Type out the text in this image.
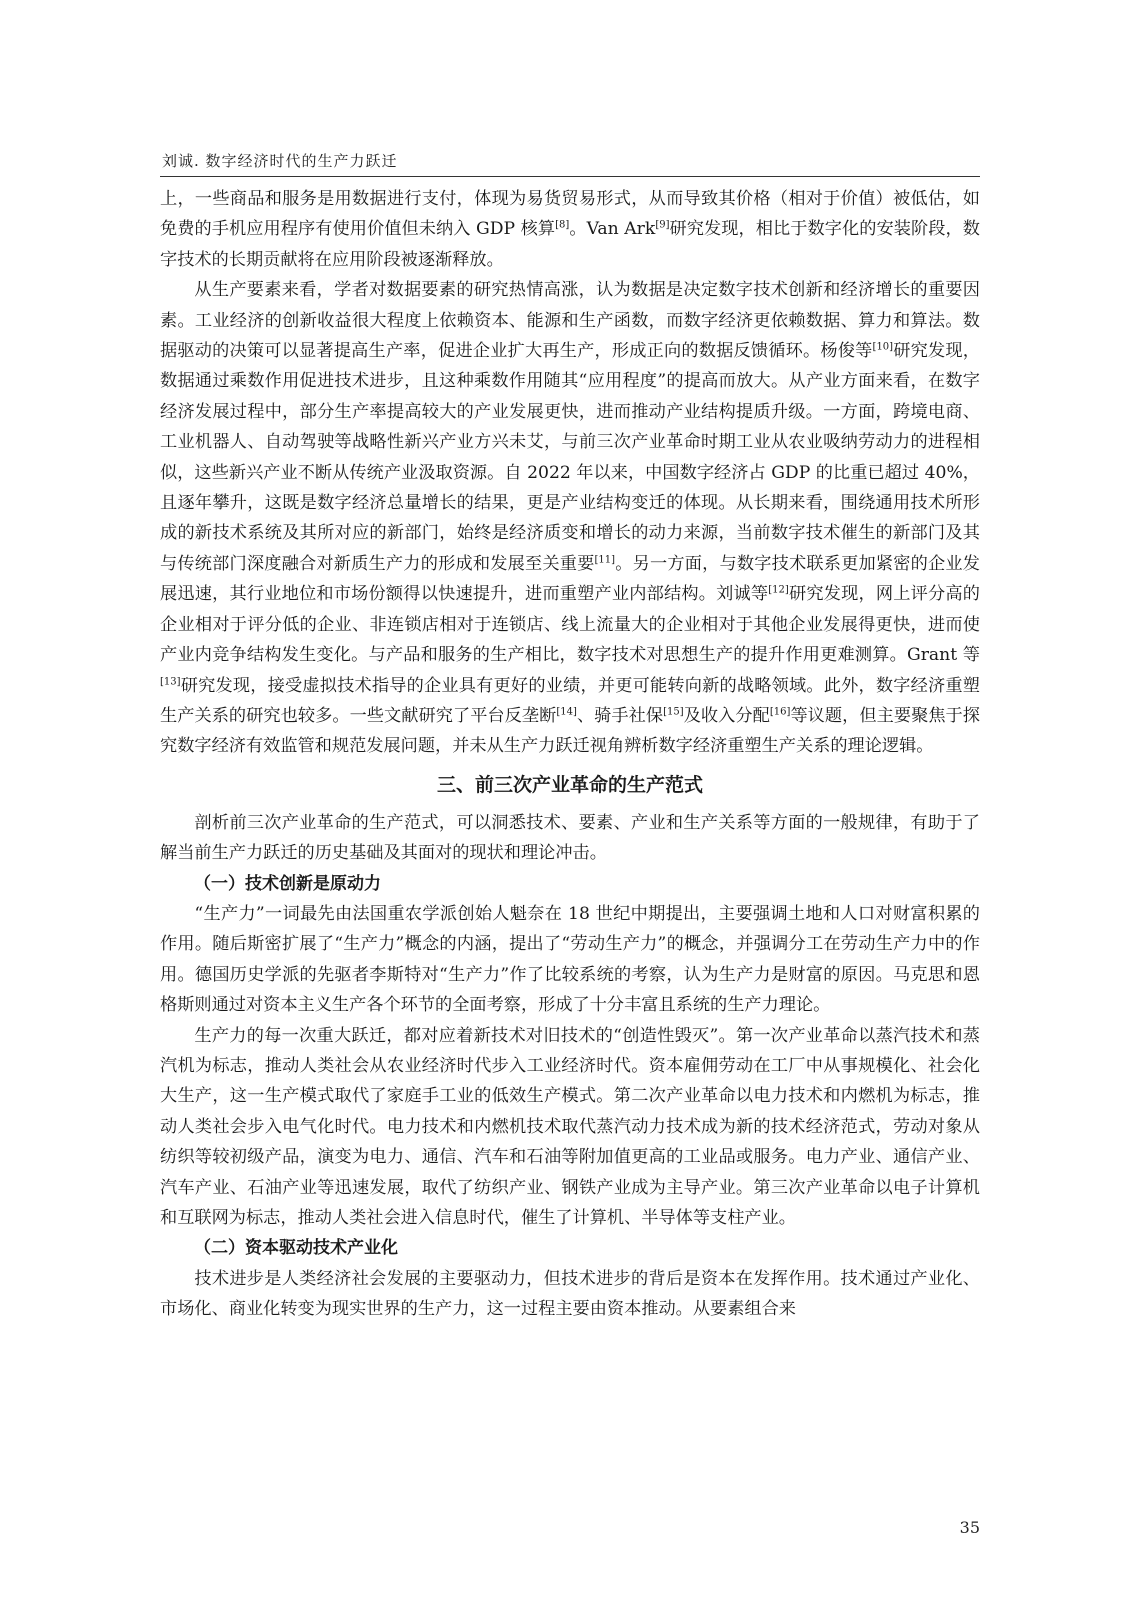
刘诚. 数字经济时代的生产力跃迁

上，一些商品和服务是用数据进行支付，体现为易货贸易形式，从而导致其价格（相对于价值）被低估，如免费的手机应用程序有使用价值但未纳入 GDP 核算[8]。Van Ark[9]研究发现，相比于数字化的安装阶段，数字技术的长期贡献将在应用阶段被逐渐释放。

从生产要素来看，学者对数据要素的研究热情高涨，认为数据是决定数字技术创新和经济增长的重要因素。工业经济的创新收益很大程度上依赖资本、能源和生产函数，而数字经济更依赖数据、算力和算法。数据驱动的决策可以显著提高生产率，促进企业扩大再生产，形成正向的数据反馈循环。杨俊等[10]研究发现，数据通过乘数作用促进技术进步，且这种乘数作用随其“应用程度”的提高而放大。从产业方面来看，在数字经济发展过程中，部分生产率提高较大的产业发展更快，进而推动产业结构提质升级。一方面，跨境电商、工业机器人、自动驾驶等战略性新兴产业方兴未艾，与前三次产业革命时期工业从农业吸纳劳动力的进程相似，这些新兴产业不断从传统产业汲取资源。自 2022 年以来，中国数字经济占 GDP 的比重已超过 40%，且逐年攀升，这既是数字经济总量增长的结果，更是产业结构变迁的体现。从长期来看，围绕通用技术所形成的新技术系统及其所对应的新部门，始终是经济质变和增长的动力来源，当前数字技术催生的新部门及其与传统部门深度融合对新质生产力的形成和发展至关重要[11]。另一方面，与数字技术联系更加紧密的企业发展迅速，其行业地位和市场份额得以快速提升，进而重塑产业内部结构。刘诚等[12]研究发现，网上评分高的企业相对于评分低的企业、非连锁店相对于连锁店、线上流量大的企业相对于其他企业发展得更快，进而使产业内竞争结构发生变化。与产品和服务的生产相比，数字技术对思想生产的提升作用更难测算。Grant 等[13]研究发现，接受虚拟技术指导的企业具有更好的业绩，并更可能转向新的战略领域。此外，数字经济重塑生产关系的研究也较多。一些文献研究了平台反垄断[14]、骑手社保[15]及收入分配[16]等议题，但主要聚焦于探究数字经济有效监管和规范发展问题，并未从生产力跃迁视角辨析数字经济重塑生产关系的理论逻辑。

三、前三次产业革命的生产范式

剖析前三次产业革命的生产范式，可以洞悉技术、要素、产业和生产关系等方面的一般规律，有助于了解当前生产力跃迁的历史基础及其面对的现状和理论冲击。

（一）技术创新是原动力

“生产力”一词最先由法国重农学派创始人魁奈在 18 世纪中期提出，主要强调土地和人口对财富积累的作用。随后斯密扩展了“生产力”概念的内涵，提出了“劳动生产力”的概念，并强调分工在劳动生产力中的作用。德国历史学派的先驱者李斯特对“生产力”作了比较系统的考察，认为生产力是财富的原因。马克思和恩格斯则通过对资本主义生产各个环节的全面考察，形成了十分丰富且系统的生产力理论。

生产力的每一次重大跃迁，都对应着新技术对旧技术的“创造性毁灭”。第一次产业革命以蒸汽技术和蒸汽机为标志，推动人类社会从农业经济时代步入工业经济时代。资本雇佣劳动在工厂中从事规模化、社会化大生产，这一生产模式取代了家庭手工业的低效生产模式。第二次产业革命以电力技术和内燃机为标志，推动人类社会步入电气化时代。电力技术和内燃机技术取代蒸汽动力技术成为新的技术经济范式，劳动对象从纺织等较初级产品，演变为电力、通信、汽车和石油等附加值更高的工业品或服务。电力产业、通信产业、汽车产业、石油产业等迅速发展，取代了纺织产业、钢铁产业成为主导产业。第三次产业革命以电子计算机和互联网为标志，推动人类社会进入信息时代，催生了计算机、半导体等支柱产业。

（二）资本驱动技术产业化

技术进步是人类经济社会发展的主要驱动力，但技术进步的背后是资本在发挥作用。技术通过产业化、市场化、商业化转变为现实世界的生产力，这一过程主要由资本推动。从要素组合来

35
